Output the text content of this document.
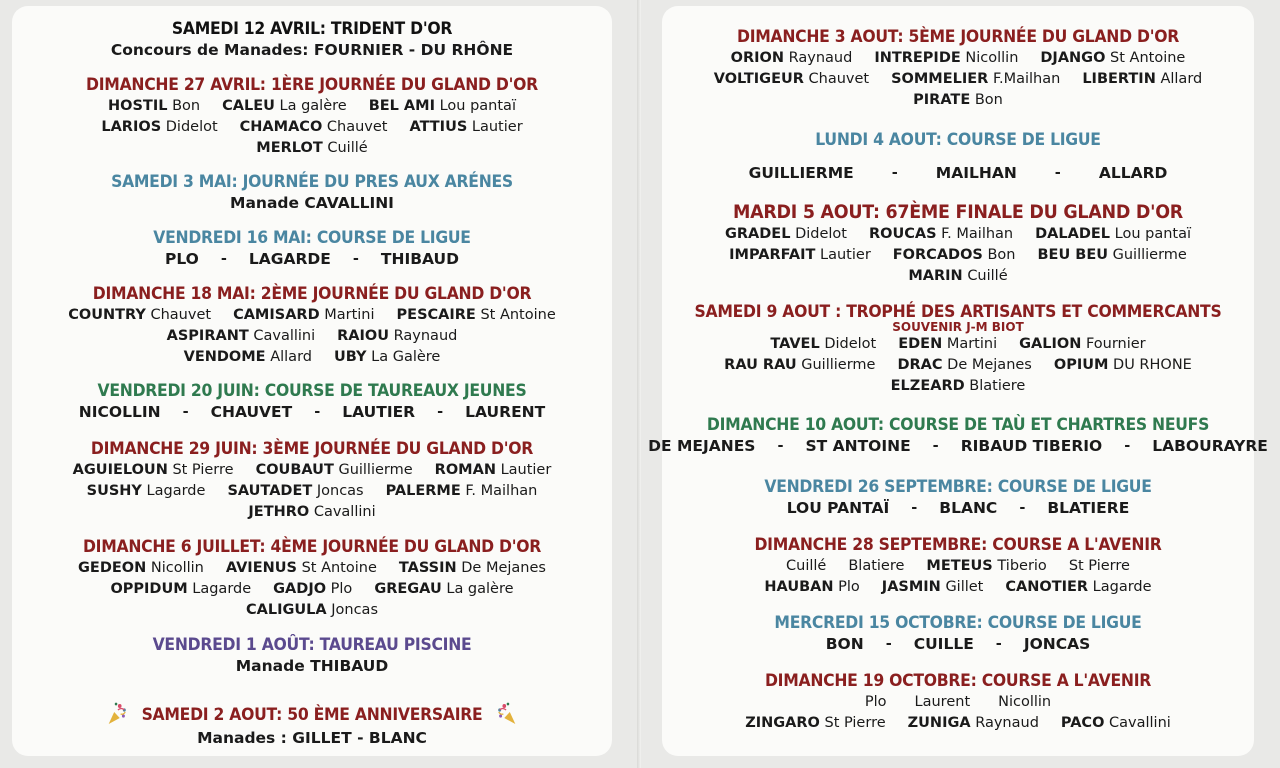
SAMEDI 12 AVRIL: TRIDENT D'OR
Concours de Manades: FOURNIER - DU RHÔNE
DIMANCHE 27 AVRIL: 1ÈRE JOURNÉE DU GLAND D'OR
HOSTIL Bon CALEU La galère BEL AMI Lou pantaï
LARIOS Didelot CHAMACO Chauvet ATTIUS Lautier
MERLOT Cuillé
SAMEDI 3 MAI: JOURNÉE DU PRES AUX ARÉNES
Manade CAVALLINI
VENDREDI 16 MAI: COURSE DE LIGUE
PLO - LAGARDE - THIBAUD
DIMANCHE 18 MAI: 2ÈME JOURNÉE DU GLAND D'OR
COUNTRY Chauvet CAMISARD Martini PESCAIRE St Antoine
ASPIRANT Cavallini RAIOU Raynaud
VENDOME Allard UBY La Galère
VENDREDI 20 JUIN: COURSE DE TAUREAUX JEUNES
NICOLLIN - CHAUVET - LAUTIER - LAURENT
DIMANCHE 29 JUIN: 3ÈME JOURNÉE DU GLAND D'OR
AGUIELOUN St Pierre COUBAUT Guillierme ROMAN Lautier
SUSHY Lagarde SAUTADET Joncas PALERME F. Mailhan
JETHRO Cavallini
DIMANCHE 6 JUILLET: 4ÈME JOURNÉE DU GLAND D'OR
GEDEON Nicollin AVIENUS St Antoine TASSIN De Mejanes
OPPIDUM Lagarde GADJO Plo GREGAU La galère
CALIGULA Joncas
VENDREDI 1 AOÛT: TAUREAU PISCINE
Manade THIBAUD
SAMEDI 2 AOUT: 50 ÈME ANNIVERSAIRE
Manades : GILLET - BLANC
DIMANCHE 3 AOUT: 5ÈME JOURNÉE DU GLAND D'OR
ORION Raynaud INTREPIDE Nicollin DJANGO St Antoine
VOLTIGEUR Chauvet SOMMELIER F.Mailhan LIBERTIN Allard
PIRATE Bon
LUNDI 4 AOUT: COURSE DE LIGUE
GUILLIERME	- MAILHAN	- ALLARD
MARDI 5 AOUT: 67ÈME FINALE DU GLAND D'OR
GRADEL Didelot ROUCAS F. Mailhan DALADEL Lou pantaï
IMPARFAIT Lautier FORCADOS Bon BEU BEU Guillierme
MARIN Cuillé
SAMEDI 9 AOUT : TROPHÉ DES ARTISANTS ET COMMERCANTS
SOUVENIR J-M BIOT
TAVEL Didelot EDEN Martini GALION Fournier
RAU RAU Guillierme DRAC De Mejanes OPIUM DU RHONE
ELZEARD Blatiere
DIMANCHE 10 AOUT: COURSE DE TAÙ ET CHARTRES NEUFS
DE MEJANES - ST ANTOINE - RIBAUD TIBERIO - LABOURAYRE
VENDREDI 26 SEPTEMBRE: COURSE DE LIGUE
LOU PANTAÏ - BLANC - BLATIERE
DIMANCHE 28 SEPTEMBRE: COURSE A L'AVENIR
Cuillé Blatiere METEUS Tiberio St Pierre
HAUBAN Plo JASMIN Gillet CANOTIER Lagarde
MERCREDI 15 OCTOBRE: COURSE DE LIGUE
BON - CUILLE - JONCAS
DIMANCHE 19 OCTOBRE: COURSE A L'AVENIR
Plo Laurent Nicollin
ZINGARO St Pierre ZUNIGA Raynaud PACO Cavallini
